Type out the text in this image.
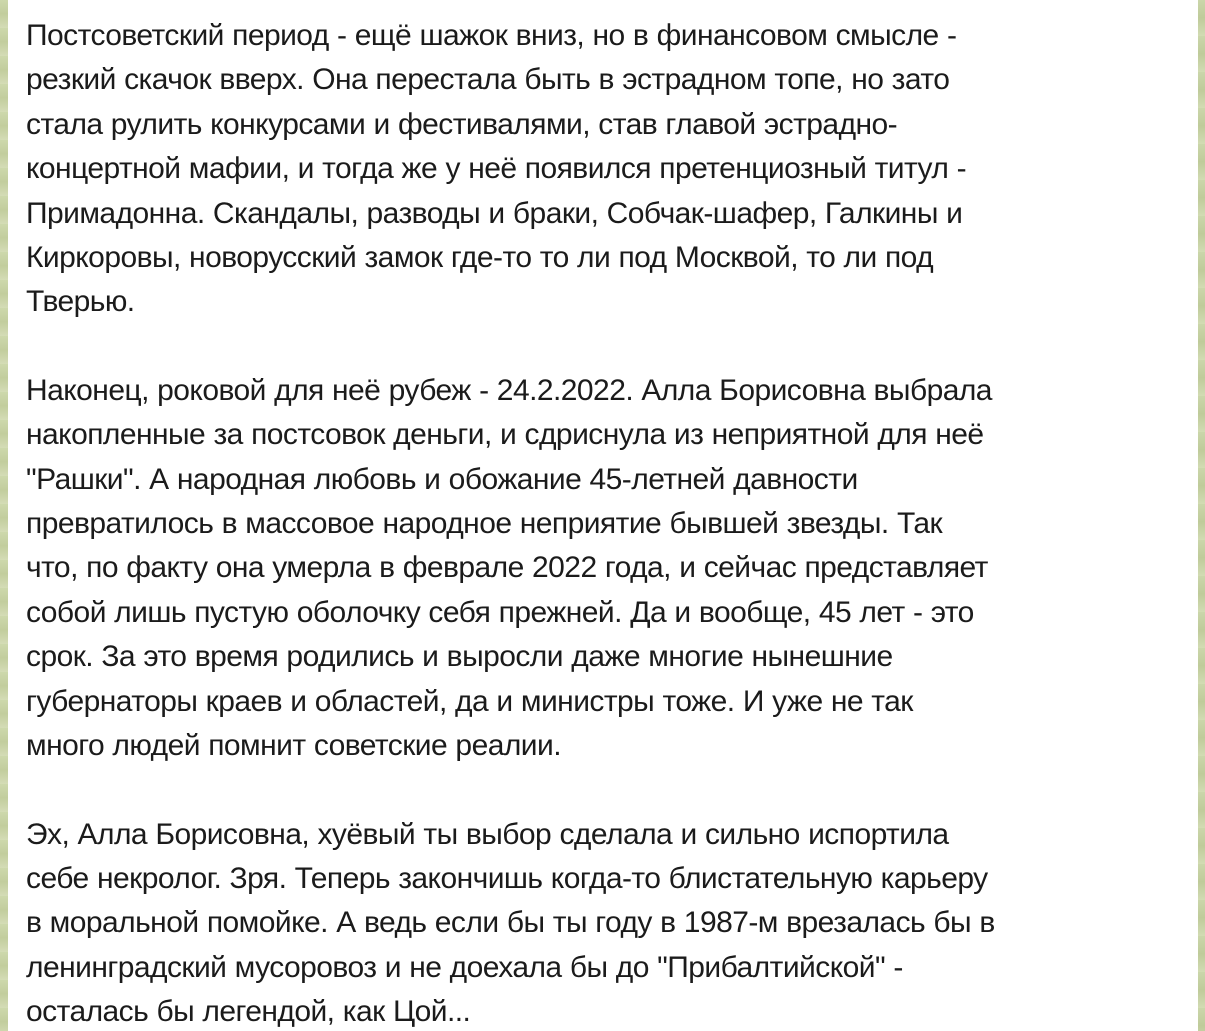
Постсоветский период - ещё шажок вниз, но в финансовом смысле -
резкий скачок вверх. Она перестала быть в эстрадном топе, но зато
стала рулить конкурсами и фестивалями, став главой эстрадно-
концертной мафии, и тогда же у неё появился претенциозный титул -
Примадонна. Скандалы, разводы и браки, Собчак-шафер, Галкины и
Киркоровы, новорусский замок где-то то ли под Москвой, то ли под
Тверью.

Наконец, роковой для неё рубеж - 24.2.2022. Алла Борисовна выбрала
накопленные за постсовок деньги, и сдриснула из неприятной для неё
"Рашки". А народная любовь и обожание 45-летней давности
превратилось в массовое народное неприятие бывшей звезды. Так
что, по факту она умерла в феврале 2022 года, и сейчас представляет
собой лишь пустую оболочку себя прежней. Да и вообще, 45 лет - это
срок. За это время родились и выросли даже многие нынешние
губернаторы краев и областей, да и министры тоже. И уже не так
много людей помнит советские реалии.

Эх, Алла Борисовна, хуёвый ты выбор сделала и сильно испортила
себе некролог. Зря. Теперь закончишь когда-то блистательную карьеру
в моральной помойке. А ведь если бы ты году в 1987-м врезалась бы в
ленинградский мусоровоз и не доехала бы до "Прибалтийской" -
осталась бы легендой, как Цой...
